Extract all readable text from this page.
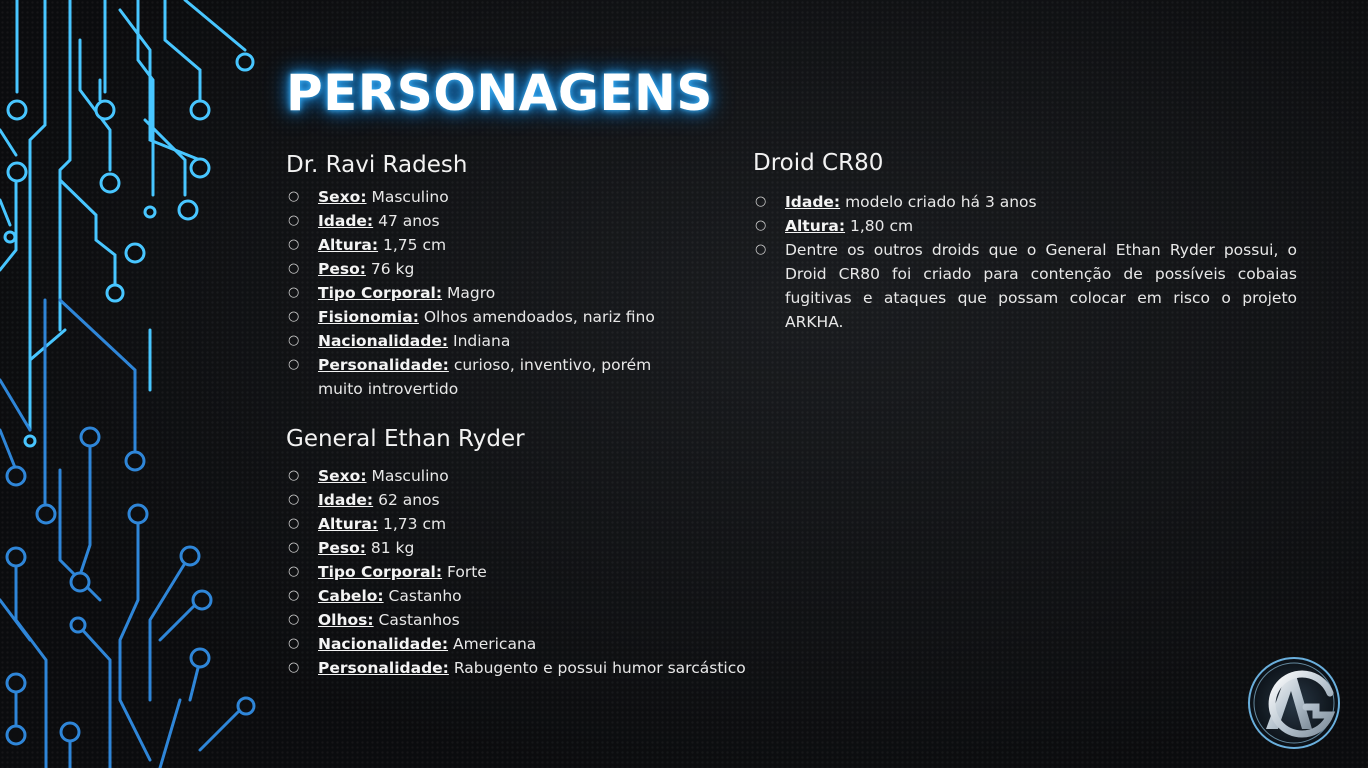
PERSONAGENS
Dr. Ravi Radesh
○ Sexo: Masculino
○ Idade: 47 anos
○ Altura: 1,75 cm
○ Peso: 76 kg
○ Tipo Corporal: Magro
○ Fisionomia: Olhos amendoados, nariz fino
○ Nacionalidade: Indiana
○ Personalidade: curioso, inventivo, porém muito introvertido
General Ethan Ryder
○ Sexo: Masculino
○ Idade: 62 anos
○ Altura: 1,73 cm
○ Peso: 81 kg
○ Tipo Corporal: Forte
○ Cabelo: Castanho
○ Olhos: Castanhos
○ Nacionalidade: Americana
○ Personalidade: Rabugento e possui humor sarcástico
Droid CR80
○ Idade: modelo criado há 3 anos
○ Altura: 1,80 cm
○ Dentre os outros droids que o General Ethan Ryder possui, o Droid CR80 foi criado para contenção de possíveis cobaias fugitivas e ataques que possam colocar em risco o projeto ARKHA.
AG
